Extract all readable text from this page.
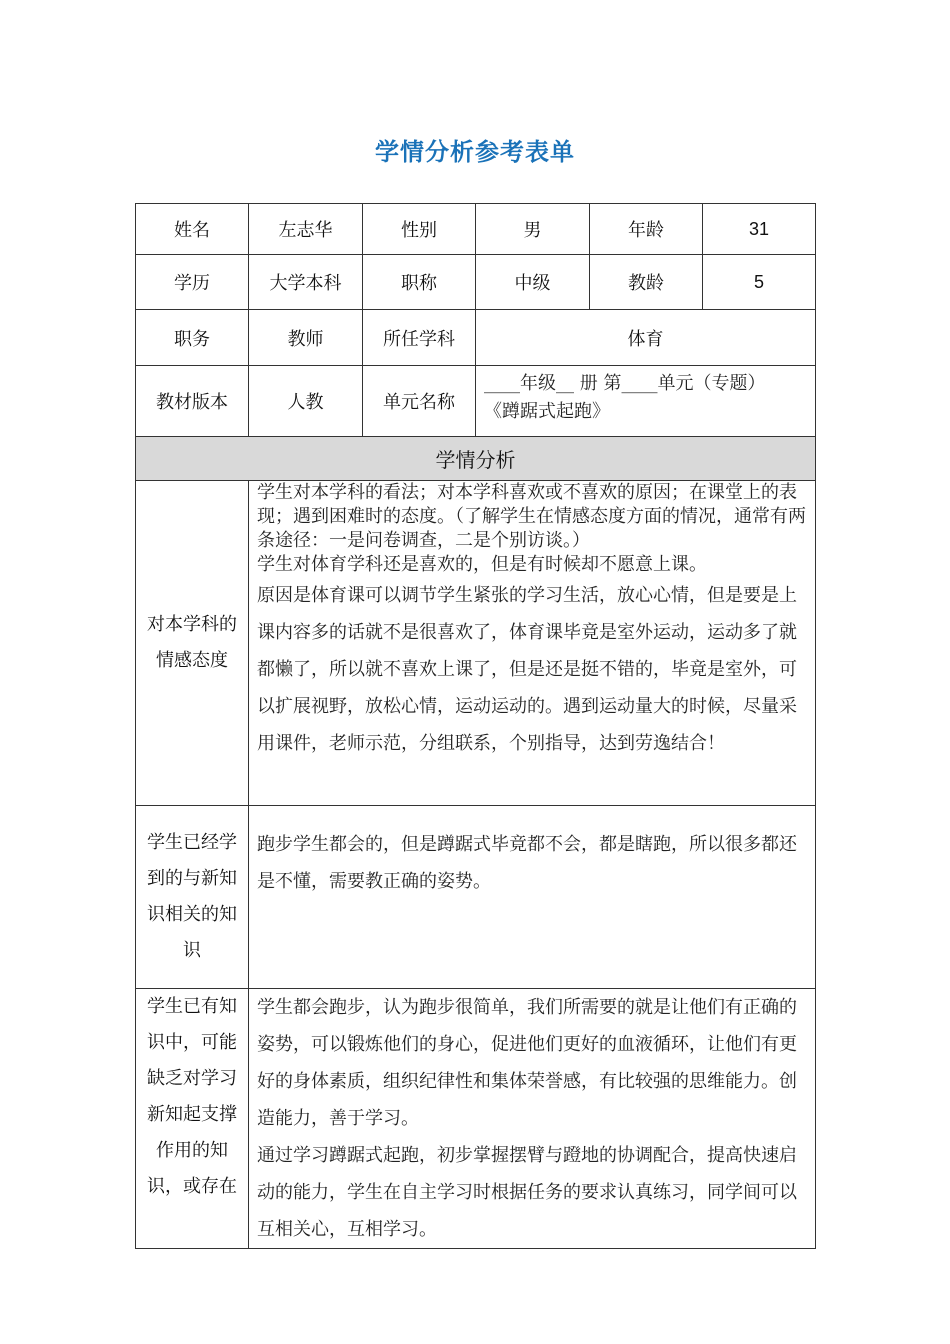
学情分析参考表单
姓名	左志华	性别	男	年龄	31
学历	大学本科	职称	中级	教龄	5
职务	教师	所任学科	体育		
教材版本	人教	单元名称	____年级__ 册 第____单元（专题）
《蹲踞式起跑》		

学情分析					
对本学科的情感态度	学生对本学科的看法；对本学科喜欢或不喜欢的原因；在课堂上的表现；遇到困难时的态度。（了解学生在情感态度方面的情况，通常有两条途径：一是问卷调查，二是个别访谈。）

学生对体育学科还是喜欢的，但是有时候却不愿意上课。

原因是体育课可以调节学生紧张的学习生活，放心心情，但是要是上课内容多的话就不是很喜欢了，体育课毕竟是室外运动，运动多了就都懒了，所以就不喜欢上课了，但是还是挺不错的，毕竟是室外，可以扩展视野，放松心情，运动运动的。遇到运动量大的时候，尽量采用课件，老师示范，分组联系，个别指导，达到劳逸结合！				

学生已经学到的与新知识相关的知识	跑步学生都会的，但是蹲踞式毕竟都不会，都是瞎跑，所以很多都还是不懂，需要教正确的姿势。				

学生已有知识中，可能缺乏对学习新知起支撑作用的知识，或存在	学生都会跑步，认为跑步很简单，我们所需要的就是让他们有正确的姿势，可以锻炼他们的身心，促进他们更好的血液循环，让他们有更好的身体素质，组织纪律性和集体荣誉感，有比较强的思维能力。创造能力，善于学习。

通过学习蹲踞式起跑，初步掌握摆臂与蹬地的协调配合，提高快速启动的能力，学生在自主学习时根据任务的要求认真练习，同学间可以互相关心，互相学习。				
